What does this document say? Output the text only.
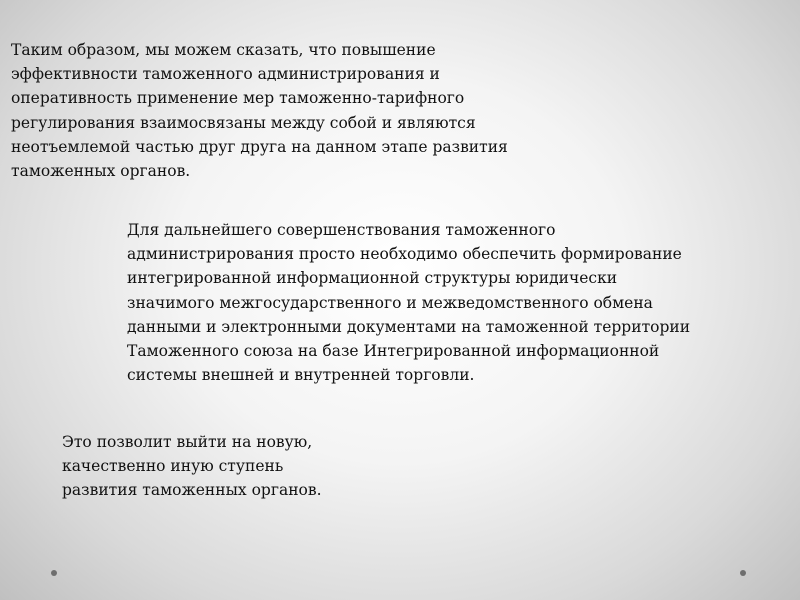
Таким образом, мы можем сказать, что повышение
эффективности таможенного администрирования и
оперативность применение мер таможенно-тарифного
регулирования взаимосвязаны между собой и являются
неотъемлемой частью друг друга на данном этапе развития
таможенных органов.

Для дальнейшего совершенствования таможенного
администрирования просто необходимо обеспечить формирование
интегрированной информационной структуры юридически
значимого межгосударственного и межведомственного обмена
данными и электронными документами на таможенной территории
Таможенного союза на базе Интегрированной информационной
системы внешней и внутренней торговли.

Это позволит выйти на новую,
качественно иную ступень
развития таможенных органов.
